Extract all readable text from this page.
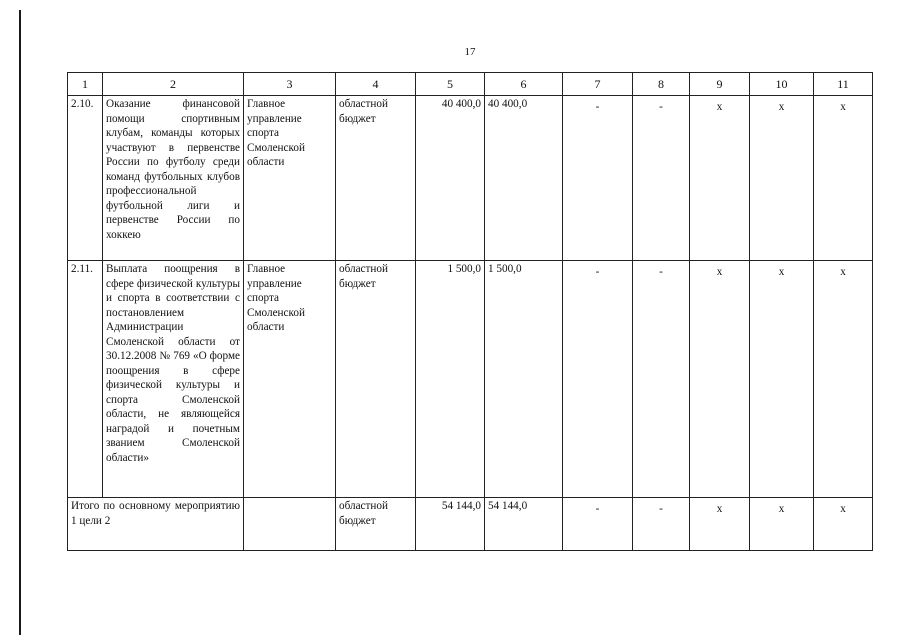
17
1	2	3	4	5	6	7	8	9	10	11
2.10.	Оказание финансовой помощи спортивным клубам, команды которых участвуют в первенстве России по футболу среди команд футбольных клубов профессиональной футбольной лиги и первенстве России по хоккею	Главное управление спорта Смоленской области	областной бюджет	40 400,0	40 400,0	-	-	x	x	x
2.11.	Выплата поощрения в сфере физической культуры и спорта в соответствии с постановлением Администрации Смоленской области от 30.12.2008 № 769 «О форме поощрения в сфере физической культуры и спорта Смоленской области, не являющейся наградой и почетным званием Смоленской области»	Главное управление спорта Смоленской области	областной бюджет	1 500,0	1 500,0	-	-	x	x	x
Итого по основному мероприятию 1 цели 2			областной бюджет	54 144,0	54 144,0	-	-	x	x	x
